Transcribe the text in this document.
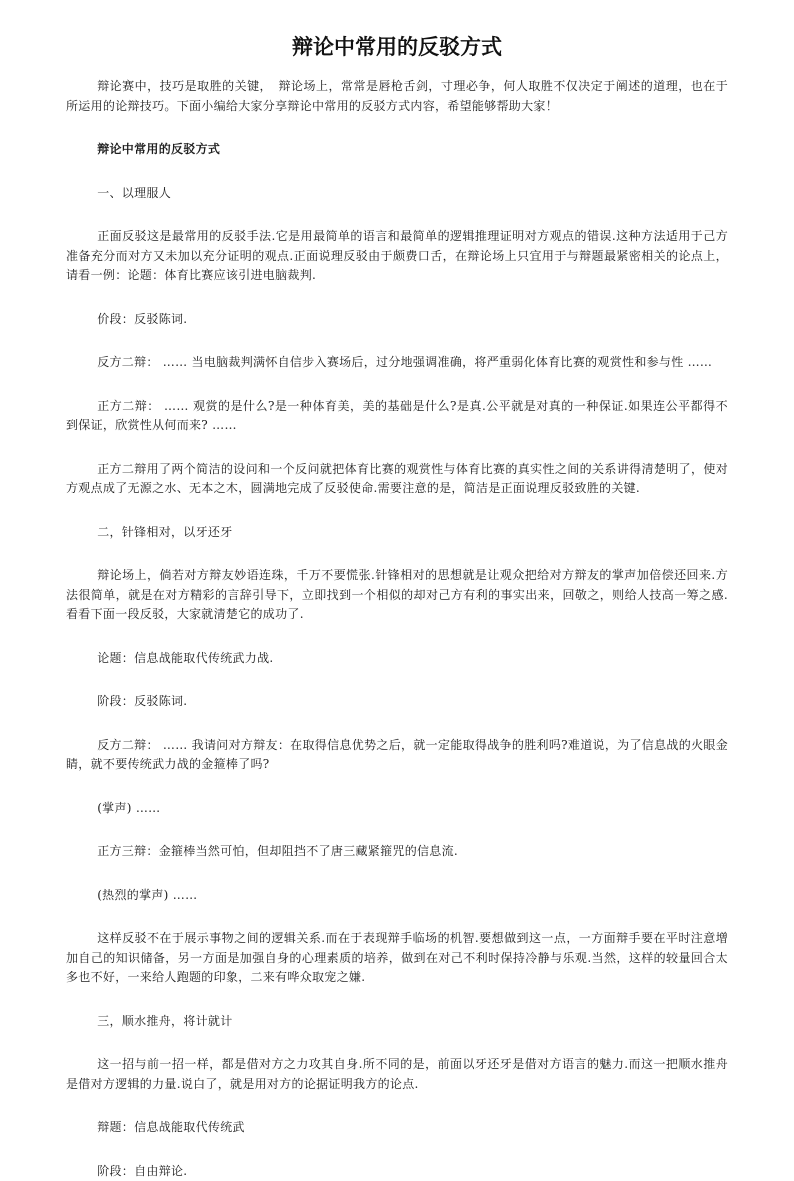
辩论中常用的反驳方式

辩论赛中，技巧是取胜的关键，　辩论场上，常常是唇枪舌剑，寸理必争，何人取胜不仅决定于阐述的道理，也在于所运用的论辩技巧。下面小编给大家分享辩论中常用的反驳方式内容，希望能够帮助大家！

辩论中常用的反驳方式

一、以理服人

正面反驳这是最常用的反驳手法.它是用最简单的语言和最简单的逻辑推理证明对方观点的错误.这种方法适用于己方准备充分而对方又未加以充分证明的观点.正面说理反驳由于颇费口舌，在辩论场上只宜用于与辩题最紧密相关的论点上，请看一例：论题：体育比赛应该引进电脑裁判.

价段：反驳陈词.

反方二辩： …… 当电脑裁判满怀自信步入赛场后，过分地强调准确，将严重弱化体育比赛的观赏性和参与性 ……

正方二辩： …… 观赏的是什么?是一种体育美，美的基础是什么?是真.公平就是对真的一种保证.如果连公平都得不到保证，欣赏性从何而来? ……

正方二辩用了两个简洁的设问和一个反问就把体育比赛的观赏性与体育比赛的真实性之间的关系讲得清楚明了，使对方观点成了无源之水、无本之木，圆满地完成了反驳使命.需要注意的是，简洁是正面说理反驳致胜的关键.

二，针锋相对，以牙还牙

辩论场上，倘若对方辩友妙语连珠，千万不要慌张.针锋相对的思想就是让观众把给对方辩友的掌声加倍偿还回来.方法很简单，就是在对方精彩的言辞引导下，立即找到一个相似的却对己方有利的事实出来，回敬之，则给人技高一筹之感.看看下面一段反驳，大家就清楚它的成功了.

论题：信息战能取代传统武力战.

阶段：反驳陈词.

反方二辩： …… 我请问对方辩友：在取得信息优势之后，就一定能取得战争的胜利吗?难道说，为了信息战的火眼金睛，就不要传统武力战的金箍棒了吗?

(掌声) ……

正方三辩：金箍棒当然可怕，但却阻挡不了唐三藏紧箍咒的信息流.

(热烈的掌声) ……

这样反驳不在于展示事物之间的逻辑关系.而在于表现辩手临场的机智.要想做到这一点，一方面辩手要在平时注意增加自己的知识储备，另一方面是加强自身的心理素质的培养，做到在对己不利时保持冷静与乐观.当然，这样的较量回合太多也不好，一来给人跑题的印象，二来有哗众取宠之嫌.

三，顺水推舟，将计就计

这一招与前一招一样，都是借对方之力攻其自身.所不同的是，前面以牙还牙是借对方语言的魅力.而这一把顺水推舟是借对方逻辑的力量.说白了，就是用对方的论据证明我方的论点.

辩题：信息战能取代传统武

阶段：自由辩论.
